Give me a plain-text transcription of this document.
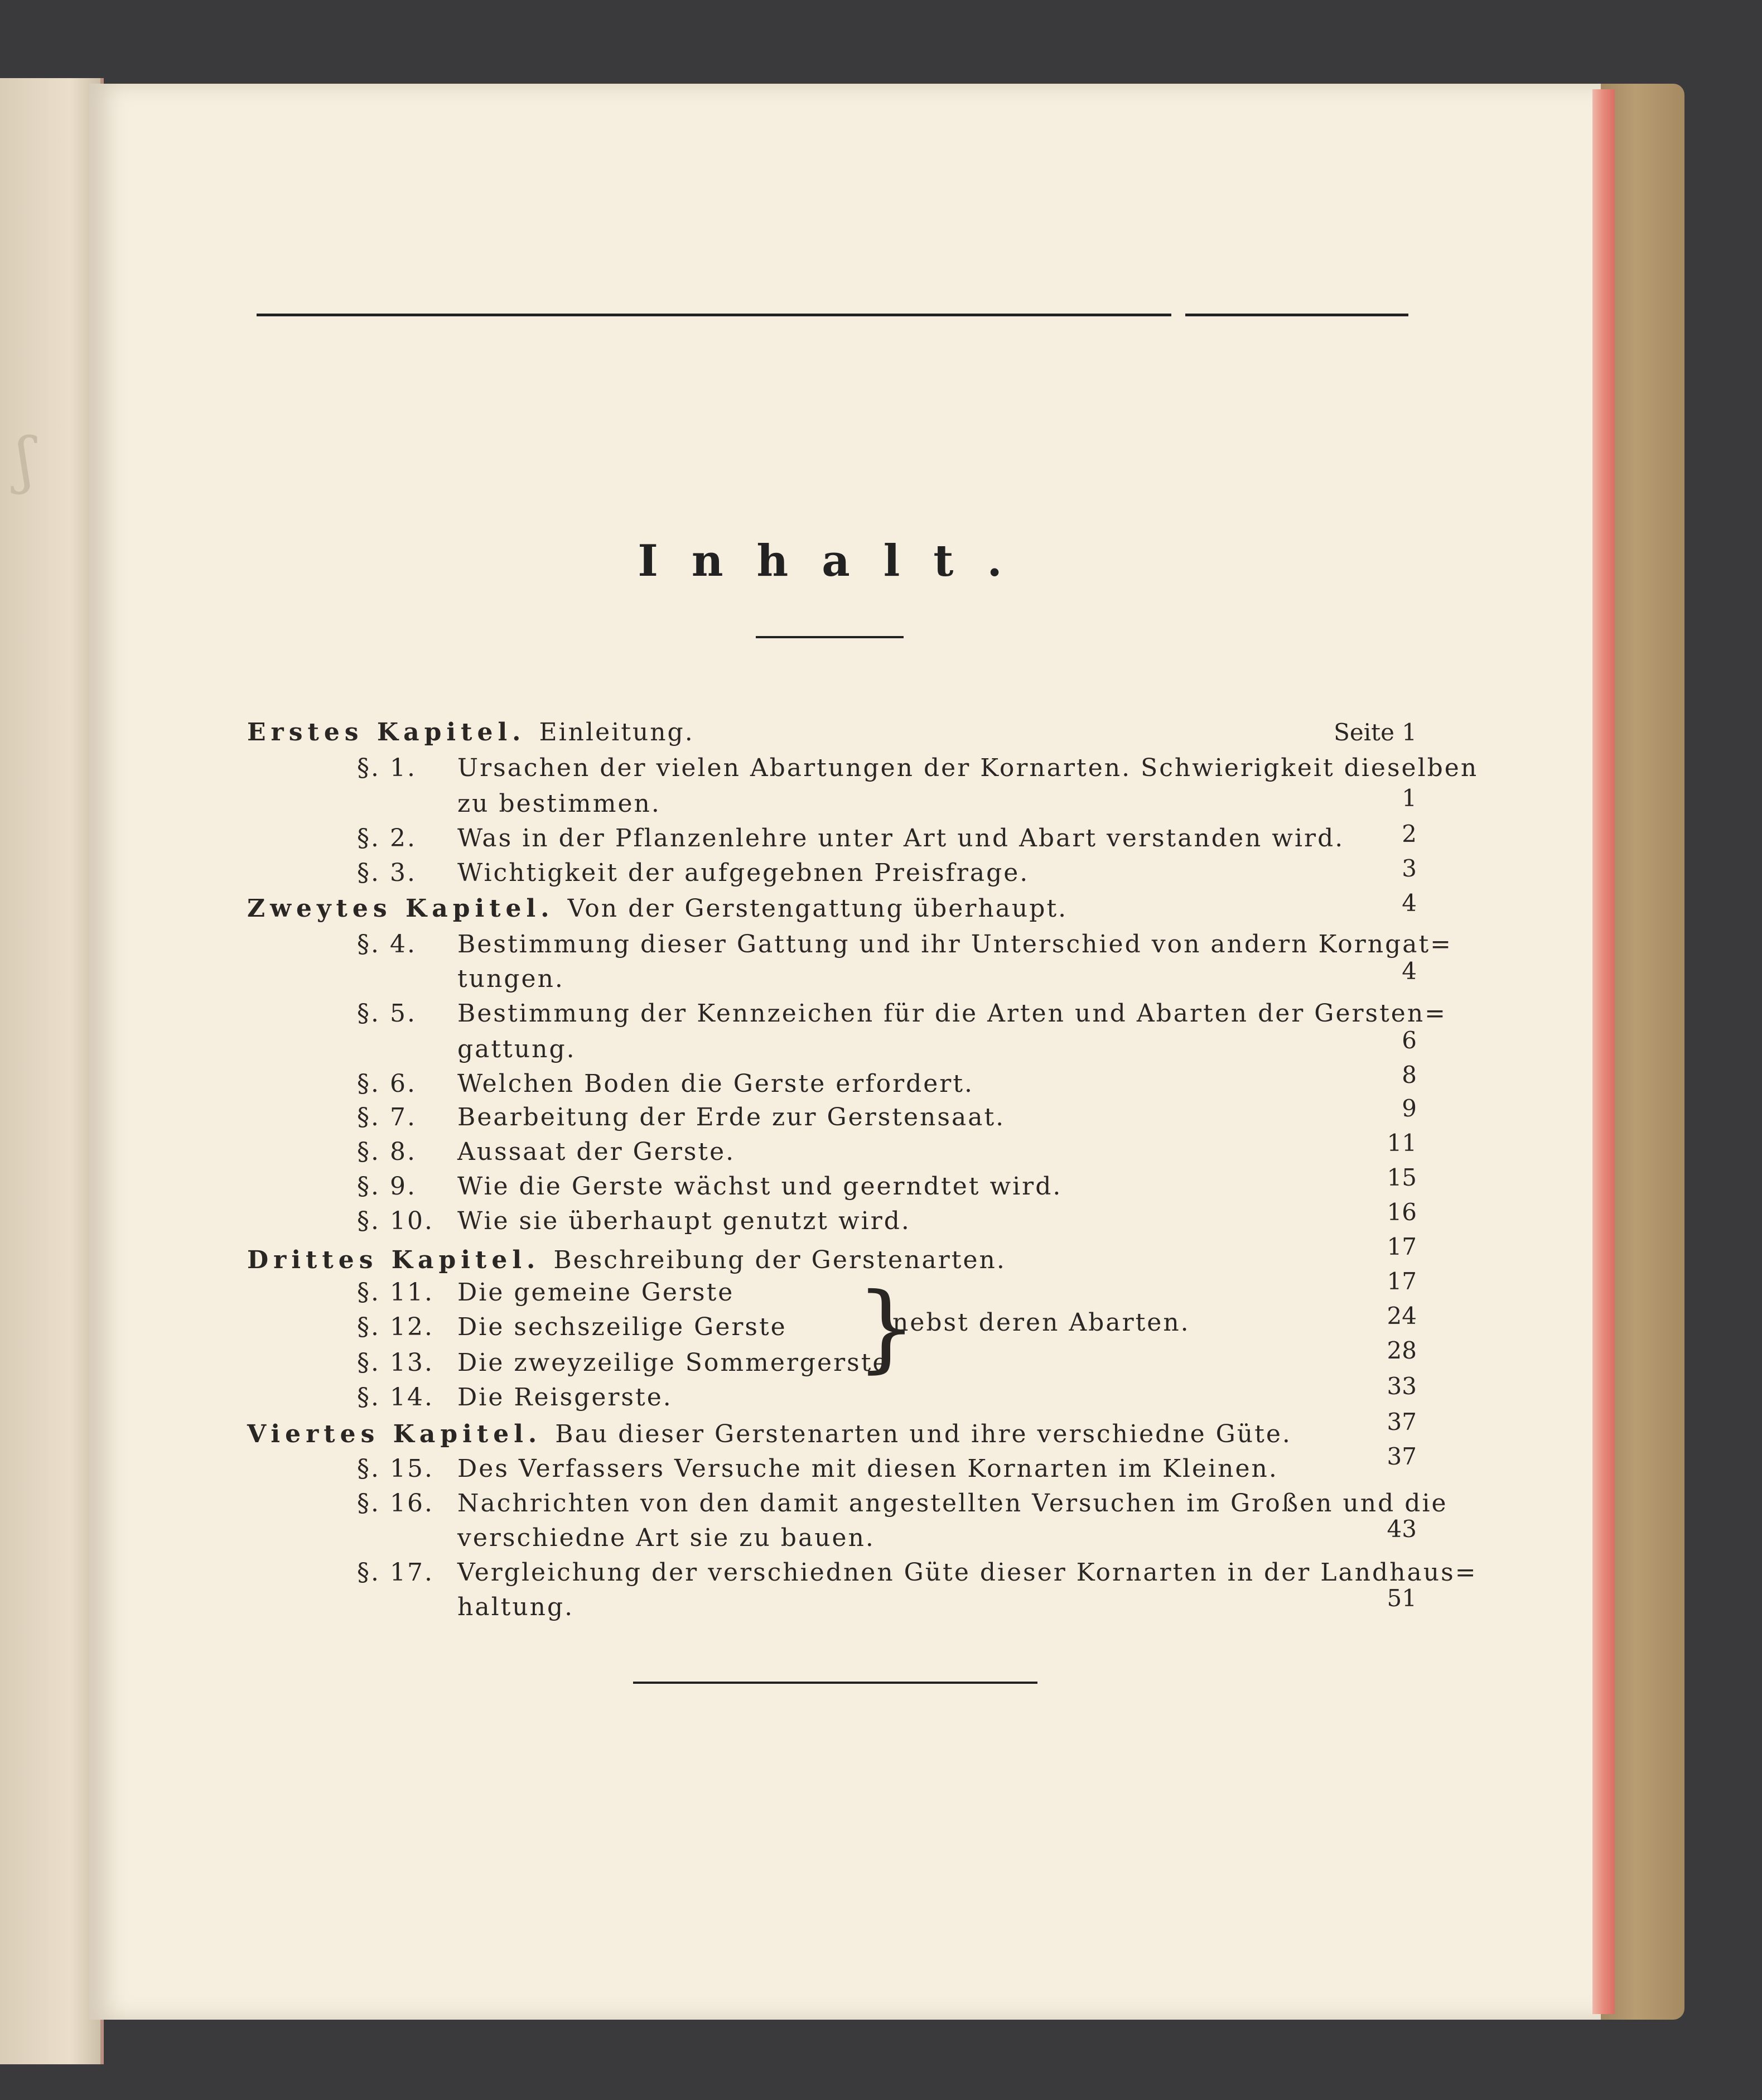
ʃ
Inhalt.
Erstes Kapitel. Einleitung.	Seite 1
§. 1. Ursachen der vielen Abartungen der Kornarten. Schwierigkeit dieselben
zu bestimmen.	1
§. 2. Was in der Pflanzenlehre unter Art und Abart verstanden wird.	2
§. 3. Wichtigkeit der aufgegebnen Preisfrage.	3
Zweytes Kapitel. Von der Gerstengattung überhaupt.	4
§. 4. Bestimmung dieser Gattung und ihr Unterschied von andern Korngat=
tungen.	4
§. 5. Bestimmung der Kennzeichen für die Arten und Abarten der Gersten=
gattung.	6
§. 6. Welchen Boden die Gerste erfordert.	8
§. 7. Bearbeitung der Erde zur Gerstensaat.	9
§. 8. Aussaat der Gerste.	11
§. 9. Wie die Gerste wächst und geerndtet wird.	15
§. 10. Wie sie überhaupt genutzt wird.	16
Drittes Kapitel. Beschreibung der Gerstenarten.	17
§. 11. Die gemeine Gerste	17
§. 12. Die sechszeilige Gerste	24
§. 13. Die zweyzeilige Sommergerste	28
}
nebst deren Abarten.
§. 14. Die Reisgerste.	33
Viertes Kapitel. Bau dieser Gerstenarten und ihre verschiedne Güte.	37
§. 15. Des Verfassers Versuche mit diesen Kornarten im Kleinen.	37
§. 16. Nachrichten von den damit angestellten Versuchen im Großen und die
verschiedne Art sie zu bauen.	43
§. 17. Vergleichung der verschiednen Güte dieser Kornarten in der Landhaus=
haltung.	51
